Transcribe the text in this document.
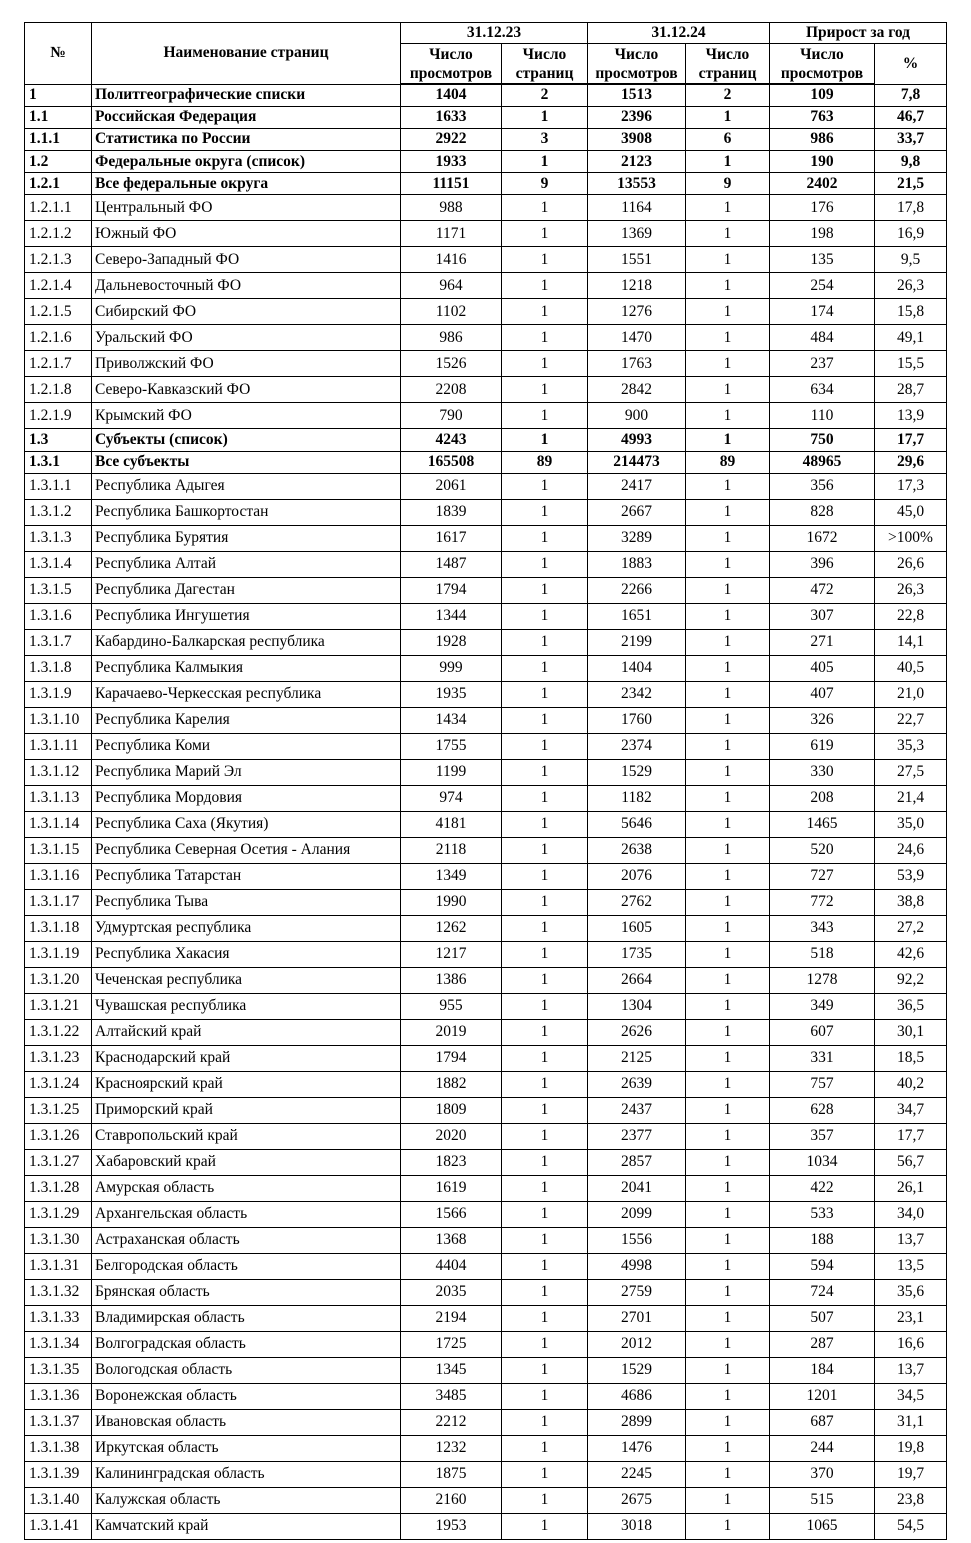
№	Наименование страниц	31.12.23		31.12.24		Прирост за год	
		Число	Число	Число	Число	Число	%
		просмотров	страниц	просмотров	страниц	просмотров	
1	Политгеографические списки	1404	2	1513	2	109	7,8
1.1	Российская Федерация	1633	1	2396	1	763	46,7
1.1.1	Статистика по России	2922	3	3908	6	986	33,7
1.2	Федеральные округа (список)	1933	1	2123	1	190	9,8
1.2.1	Все федеральные округа	11151	9	13553	9	2402	21,5
1.2.1.1	Центральный ФО	988	1	1164	1	176	17,8
1.2.1.2	Южный ФО	1171	1	1369	1	198	16,9
1.2.1.3	Северо-Западный ФО	1416	1	1551	1	135	9,5
1.2.1.4	Дальневосточный ФО	964	1	1218	1	254	26,3
1.2.1.5	Сибирский ФО	1102	1	1276	1	174	15,8
1.2.1.6	Уральский ФО	986	1	1470	1	484	49,1
1.2.1.7	Приволжский ФО	1526	1	1763	1	237	15,5
1.2.1.8	Северо-Кавказский ФО	2208	1	2842	1	634	28,7
1.2.1.9	Крымский ФО	790	1	900	1	110	13,9
1.3	Субъекты (список)	4243	1	4993	1	750	17,7
1.3.1	Все субъекты	165508	89	214473	89	48965	29,6
1.3.1.1	Республика Адыгея	2061	1	2417	1	356	17,3
1.3.1.2	Республика Башкортостан	1839	1	2667	1	828	45,0
1.3.1.3	Республика Бурятия	1617	1	3289	1	1672	>100%
1.3.1.4	Республика Алтай	1487	1	1883	1	396	26,6
1.3.1.5	Республика Дагестан	1794	1	2266	1	472	26,3
1.3.1.6	Республика Ингушетия	1344	1	1651	1	307	22,8
1.3.1.7	Кабардино-Балкарская республика	1928	1	2199	1	271	14,1
1.3.1.8	Республика Калмыкия	999	1	1404	1	405	40,5
1.3.1.9	Карачаево-Черкесская республика	1935	1	2342	1	407	21,0
1.3.1.10	Республика Карелия	1434	1	1760	1	326	22,7
1.3.1.11	Республика Коми	1755	1	2374	1	619	35,3
1.3.1.12	Республика Марий Эл	1199	1	1529	1	330	27,5
1.3.1.13	Республика Мордовия	974	1	1182	1	208	21,4
1.3.1.14	Республика Саха (Якутия)	4181	1	5646	1	1465	35,0
1.3.1.15	Республика Северная Осетия - Алания	2118	1	2638	1	520	24,6
1.3.1.16	Республика Татарстан	1349	1	2076	1	727	53,9
1.3.1.17	Республика Тыва	1990	1	2762	1	772	38,8
1.3.1.18	Удмуртская республика	1262	1	1605	1	343	27,2
1.3.1.19	Республика Хакасия	1217	1	1735	1	518	42,6
1.3.1.20	Чеченская республика	1386	1	2664	1	1278	92,2
1.3.1.21	Чувашская республика	955	1	1304	1	349	36,5
1.3.1.22	Алтайский край	2019	1	2626	1	607	30,1
1.3.1.23	Краснодарский край	1794	1	2125	1	331	18,5
1.3.1.24	Красноярский край	1882	1	2639	1	757	40,2
1.3.1.25	Приморский край	1809	1	2437	1	628	34,7
1.3.1.26	Ставропольский край	2020	1	2377	1	357	17,7
1.3.1.27	Хабаровский край	1823	1	2857	1	1034	56,7
1.3.1.28	Амурская область	1619	1	2041	1	422	26,1
1.3.1.29	Архангельская область	1566	1	2099	1	533	34,0
1.3.1.30	Астраханская область	1368	1	1556	1	188	13,7
1.3.1.31	Белгородская область	4404	1	4998	1	594	13,5
1.3.1.32	Брянская область	2035	1	2759	1	724	35,6
1.3.1.33	Владимирская область	2194	1	2701	1	507	23,1
1.3.1.34	Волгоградская область	1725	1	2012	1	287	16,6
1.3.1.35	Вологодская область	1345	1	1529	1	184	13,7
1.3.1.36	Воронежская область	3485	1	4686	1	1201	34,5
1.3.1.37	Ивановская область	2212	1	2899	1	687	31,1
1.3.1.38	Иркутская область	1232	1	1476	1	244	19,8
1.3.1.39	Калининградская область	1875	1	2245	1	370	19,7
1.3.1.40	Калужская область	2160	1	2675	1	515	23,8
1.3.1.41	Камчатский край	1953	1	3018	1	1065	54,5
